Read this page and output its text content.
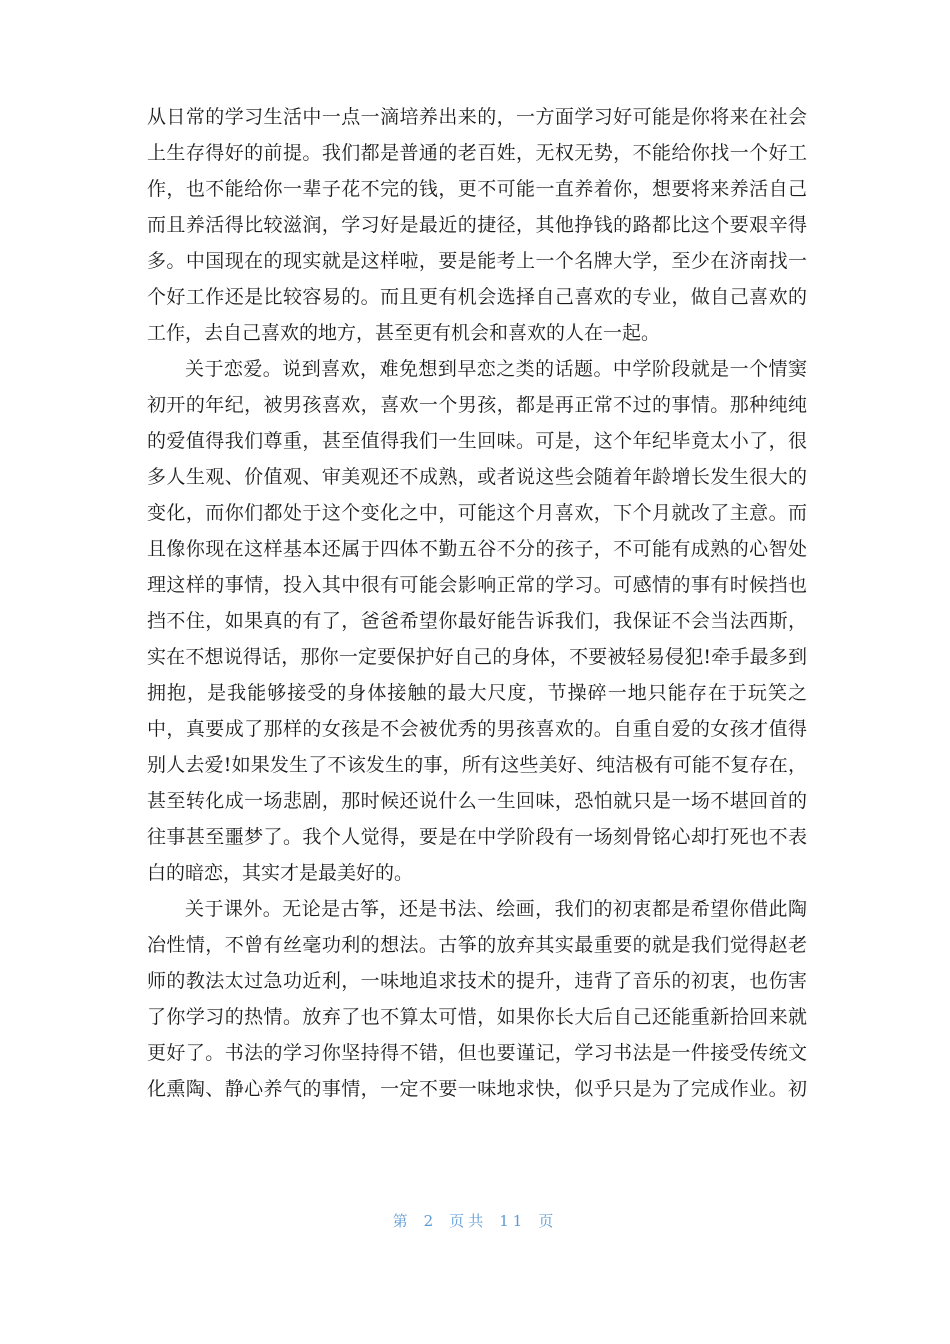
从日常的学习生活中一点一滴培养出来的，一方面学习好可能是你将来在社会
上生存得好的前提。我们都是普通的老百姓，无权无势，不能给你找一个好工
作，也不能给你一辈子花不完的钱，更不可能一直养着你，想要将来养活自己
而且养活得比较滋润，学习好是最近的捷径，其他挣钱的路都比这个要艰辛得
多。中国现在的现实就是这样啦，要是能考上一个名牌大学，至少在济南找一
个好工作还是比较容易的。而且更有机会选择自己喜欢的专业，做自己喜欢的
工作，去自己喜欢的地方，甚至更有机会和喜欢的人在一起。
关于恋爱。说到喜欢，难免想到早恋之类的话题。中学阶段就是一个情窦
初开的年纪，被男孩喜欢，喜欢一个男孩，都是再正常不过的事情。那种纯纯
的爱值得我们尊重，甚至值得我们一生回味。可是，这个年纪毕竟太小了，很
多人生观、价值观、审美观还不成熟，或者说这些会随着年龄增长发生很大的
变化，而你们都处于这个变化之中，可能这个月喜欢，下个月就改了主意。而
且像你现在这样基本还属于四体不勤五谷不分的孩子，不可能有成熟的心智处
理这样的事情，投入其中很有可能会影响正常的学习。可感情的事有时候挡也
挡不住，如果真的有了，爸爸希望你最好能告诉我们，我保证不会当法西斯，
实在不想说得话，那你一定要保护好自己的身体，不要被轻易侵犯!牵手最多到
拥抱，是我能够接受的身体接触的最大尺度，节操碎一地只能存在于玩笑之
中，真要成了那样的女孩是不会被优秀的男孩喜欢的。自重自爱的女孩才值得
别人去爱!如果发生了不该发生的事，所有这些美好、纯洁极有可能不复存在，
甚至转化成一场悲剧，那时候还说什么一生回味，恐怕就只是一场不堪回首的
往事甚至噩梦了。我个人觉得，要是在中学阶段有一场刻骨铭心却打死也不表
白的暗恋，其实才是最美好的。
关于课外。无论是古筝，还是书法、绘画，我们的初衷都是希望你借此陶
冶性情，不曾有丝毫功利的想法。古筝的放弃其实最重要的就是我们觉得赵老
师的教法太过急功近利，一味地追求技术的提升，违背了音乐的初衷，也伤害
了你学习的热情。放弃了也不算太可惜，如果你长大后自己还能重新拾回来就
更好了。书法的学习你坚持得不错，但也要谨记，学习书法是一件接受传统文
化熏陶、静心养气的事情，一定不要一味地求快，似乎只是为了完成作业。初
第 2 页共 11 页
